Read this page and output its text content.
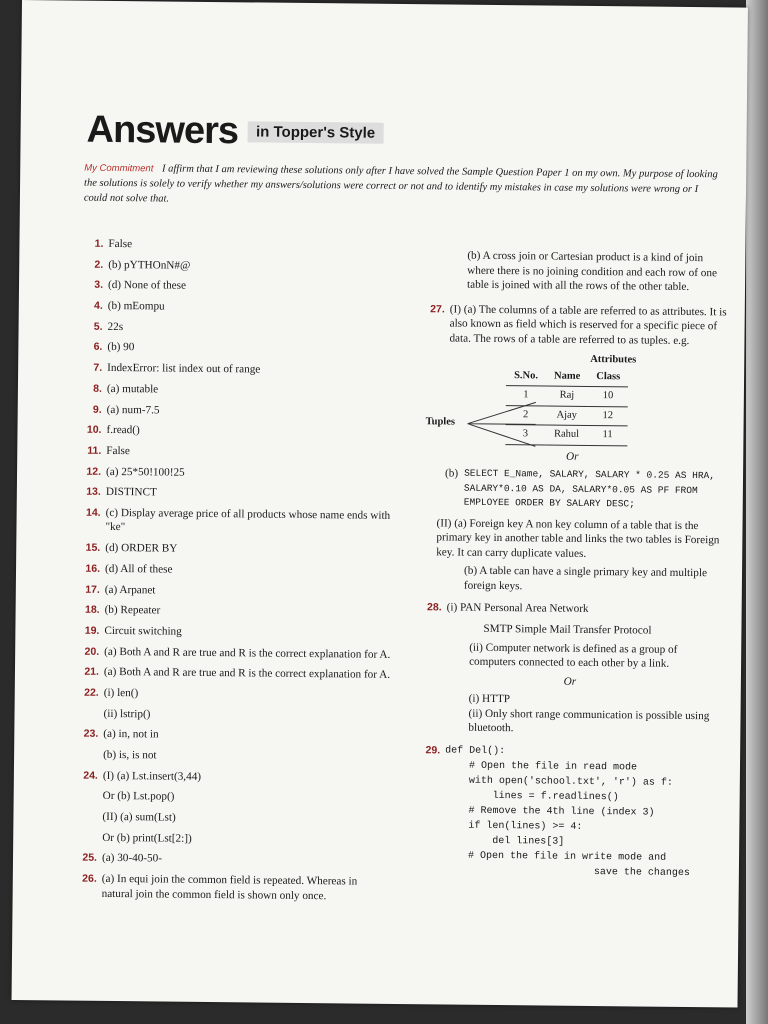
Answers	in Topper's Style
My Commitment I affirm that I am reviewing these solutions only after I have solved the Sample Question Paper 1 on my own. My purpose of looking the solutions is solely to verify whether my answers/solutions were correct or not and to identify my mistakes in case my solutions were wrong or I could not solve that.
1. False
2. (b) pYTHOnN#@
3. (d) None of these
4. (b) mEompu
5. 22s
6. (b) 90
7. IndexError: list index out of range
8. (a) mutable
9. (a) num-7.5
10. f.read()
11. False
12. (a) 25*50!100!25
13. DISTINCT
14. (c) Display average price of all products whose name ends with "ke"
15. (d) ORDER BY
16. (d) All of these
17. (a) Arpanet
18. (b) Repeater
19. Circuit switching
20. (a) Both A and R are true and R is the correct explanation for A.
21. (a) Both A and R are true and R is the correct explanation for A.
22. (i) len()
(ii) lstrip()
23. (a) in, not in
(b) is, is not
24. (I) (a) Lst.insert(3,44)
Or (b) Lst.pop()
(II) (a) sum(Lst)
Or (b) print(Lst[2:])
25. (a) 30-40-50-
26. (a) In equi join the common field is repeated. Whereas in natural join the common field is shown only once.
(b) A cross join or Cartesian product is a kind of join where there is no joining condition and each row of one table is joined with all the rows of the other table.
27. (I) (a) The columns of a table are referred to as attributes. It is also known as field which is reserved for a specific piece of data. The rows of a table are referred to as tuples. e.g.
Attributes
Tuples
S.No.	Name	Class
1	Raj	10
2	Ajay	12
3	Rahul	11
Or
(b) SELECT E_Name, SALARY, SALARY * 0.25 AS HRA, SALARY*0.10 AS DA, SALARY*0.05 AS PF FROM EMPLOYEE ORDER BY SALARY DESC;
(II) (a) Foreign key A non key column of a table that is the primary key in another table and links the two tables is Foreign key. It can carry duplicate values.
(b) A table can have a single primary key and multiple foreign keys.
28. (i) PAN Personal Area Network
SMTP Simple Mail Transfer Protocol
(ii) Computer network is defined as a group of computers connected to each other by a link.
Or
(i) HTTP
(ii) Only short range communication is possible using bluetooth.
29. def Del():
# Open the file in read mode
with open('school.txt', 'r') as f:
lines = f.readlines()
# Remove the 4th line (index 3)
if len(lines) >= 4:
del lines[3]
# Open the file in write mode and
save the changes
